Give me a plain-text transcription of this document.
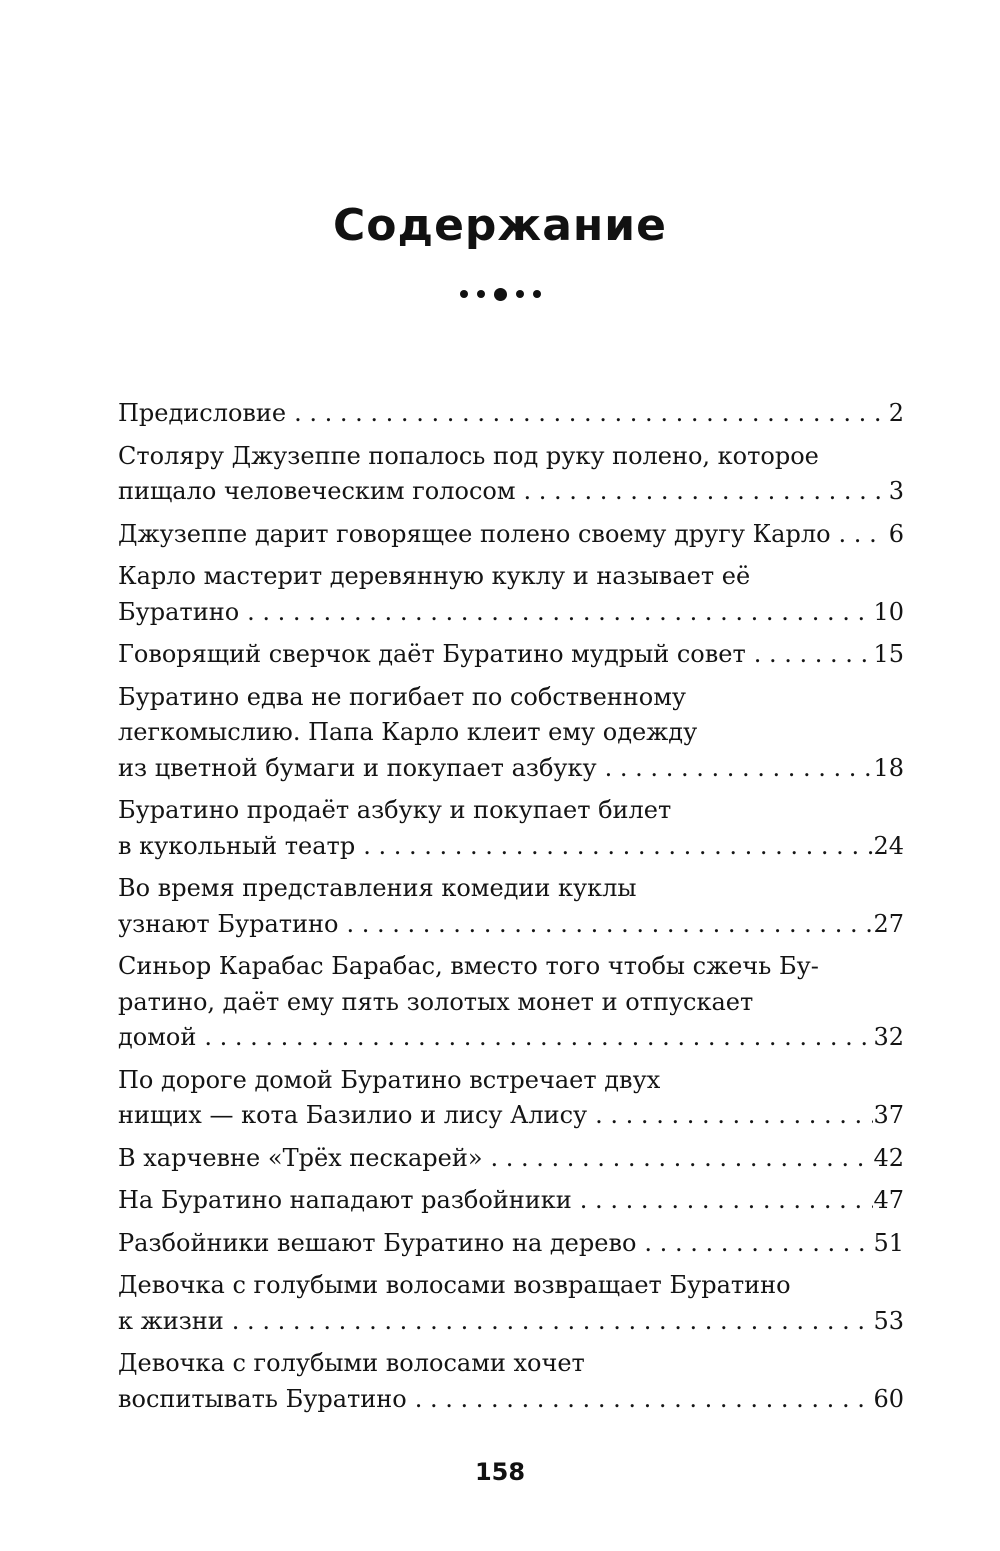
Содержание
Предисловие . . .	2
Столяру Джузеппе попалось под руку полено, которое
пищало человеческим голосом . . .	3
Джузеппе дарит говорящее полено своему другу Карло . . . 6
Карло мастерит деревянную куклу и называет её
Буратино . . .	10
Говорящий сверчок даёт Буратино мудрый совет . . .	15
Буратино едва не погибает по собственному
легкомыслию. Папа Карло клеит ему одежду
из цветной бумаги и покупает азбуку . . .	18
Буратино продаёт азбуку и покупает билет
в кукольный театр . . .	24
Во время представления комедии куклы
узнают Буратино . . .	27
Синьор Карабас Барабас, вместо того чтобы сжечь Бу-
ратино, даёт ему пять золотых монет и отпускает
домой . . .	32
По дороге домой Буратино встречает двух
нищих — кота Базилио и лису Алису . . .	37
В харчевне «Трёх пескарей» . . .	42
На Буратино нападают разбойники . . .	47
Разбойники вешают Буратино на дерево . . .	51
Девочка с голубыми волосами возвращает Буратино
к жизни . . .	53
Девочка с голубыми волосами хочет
воспитывать Буратино . . .	60
158
